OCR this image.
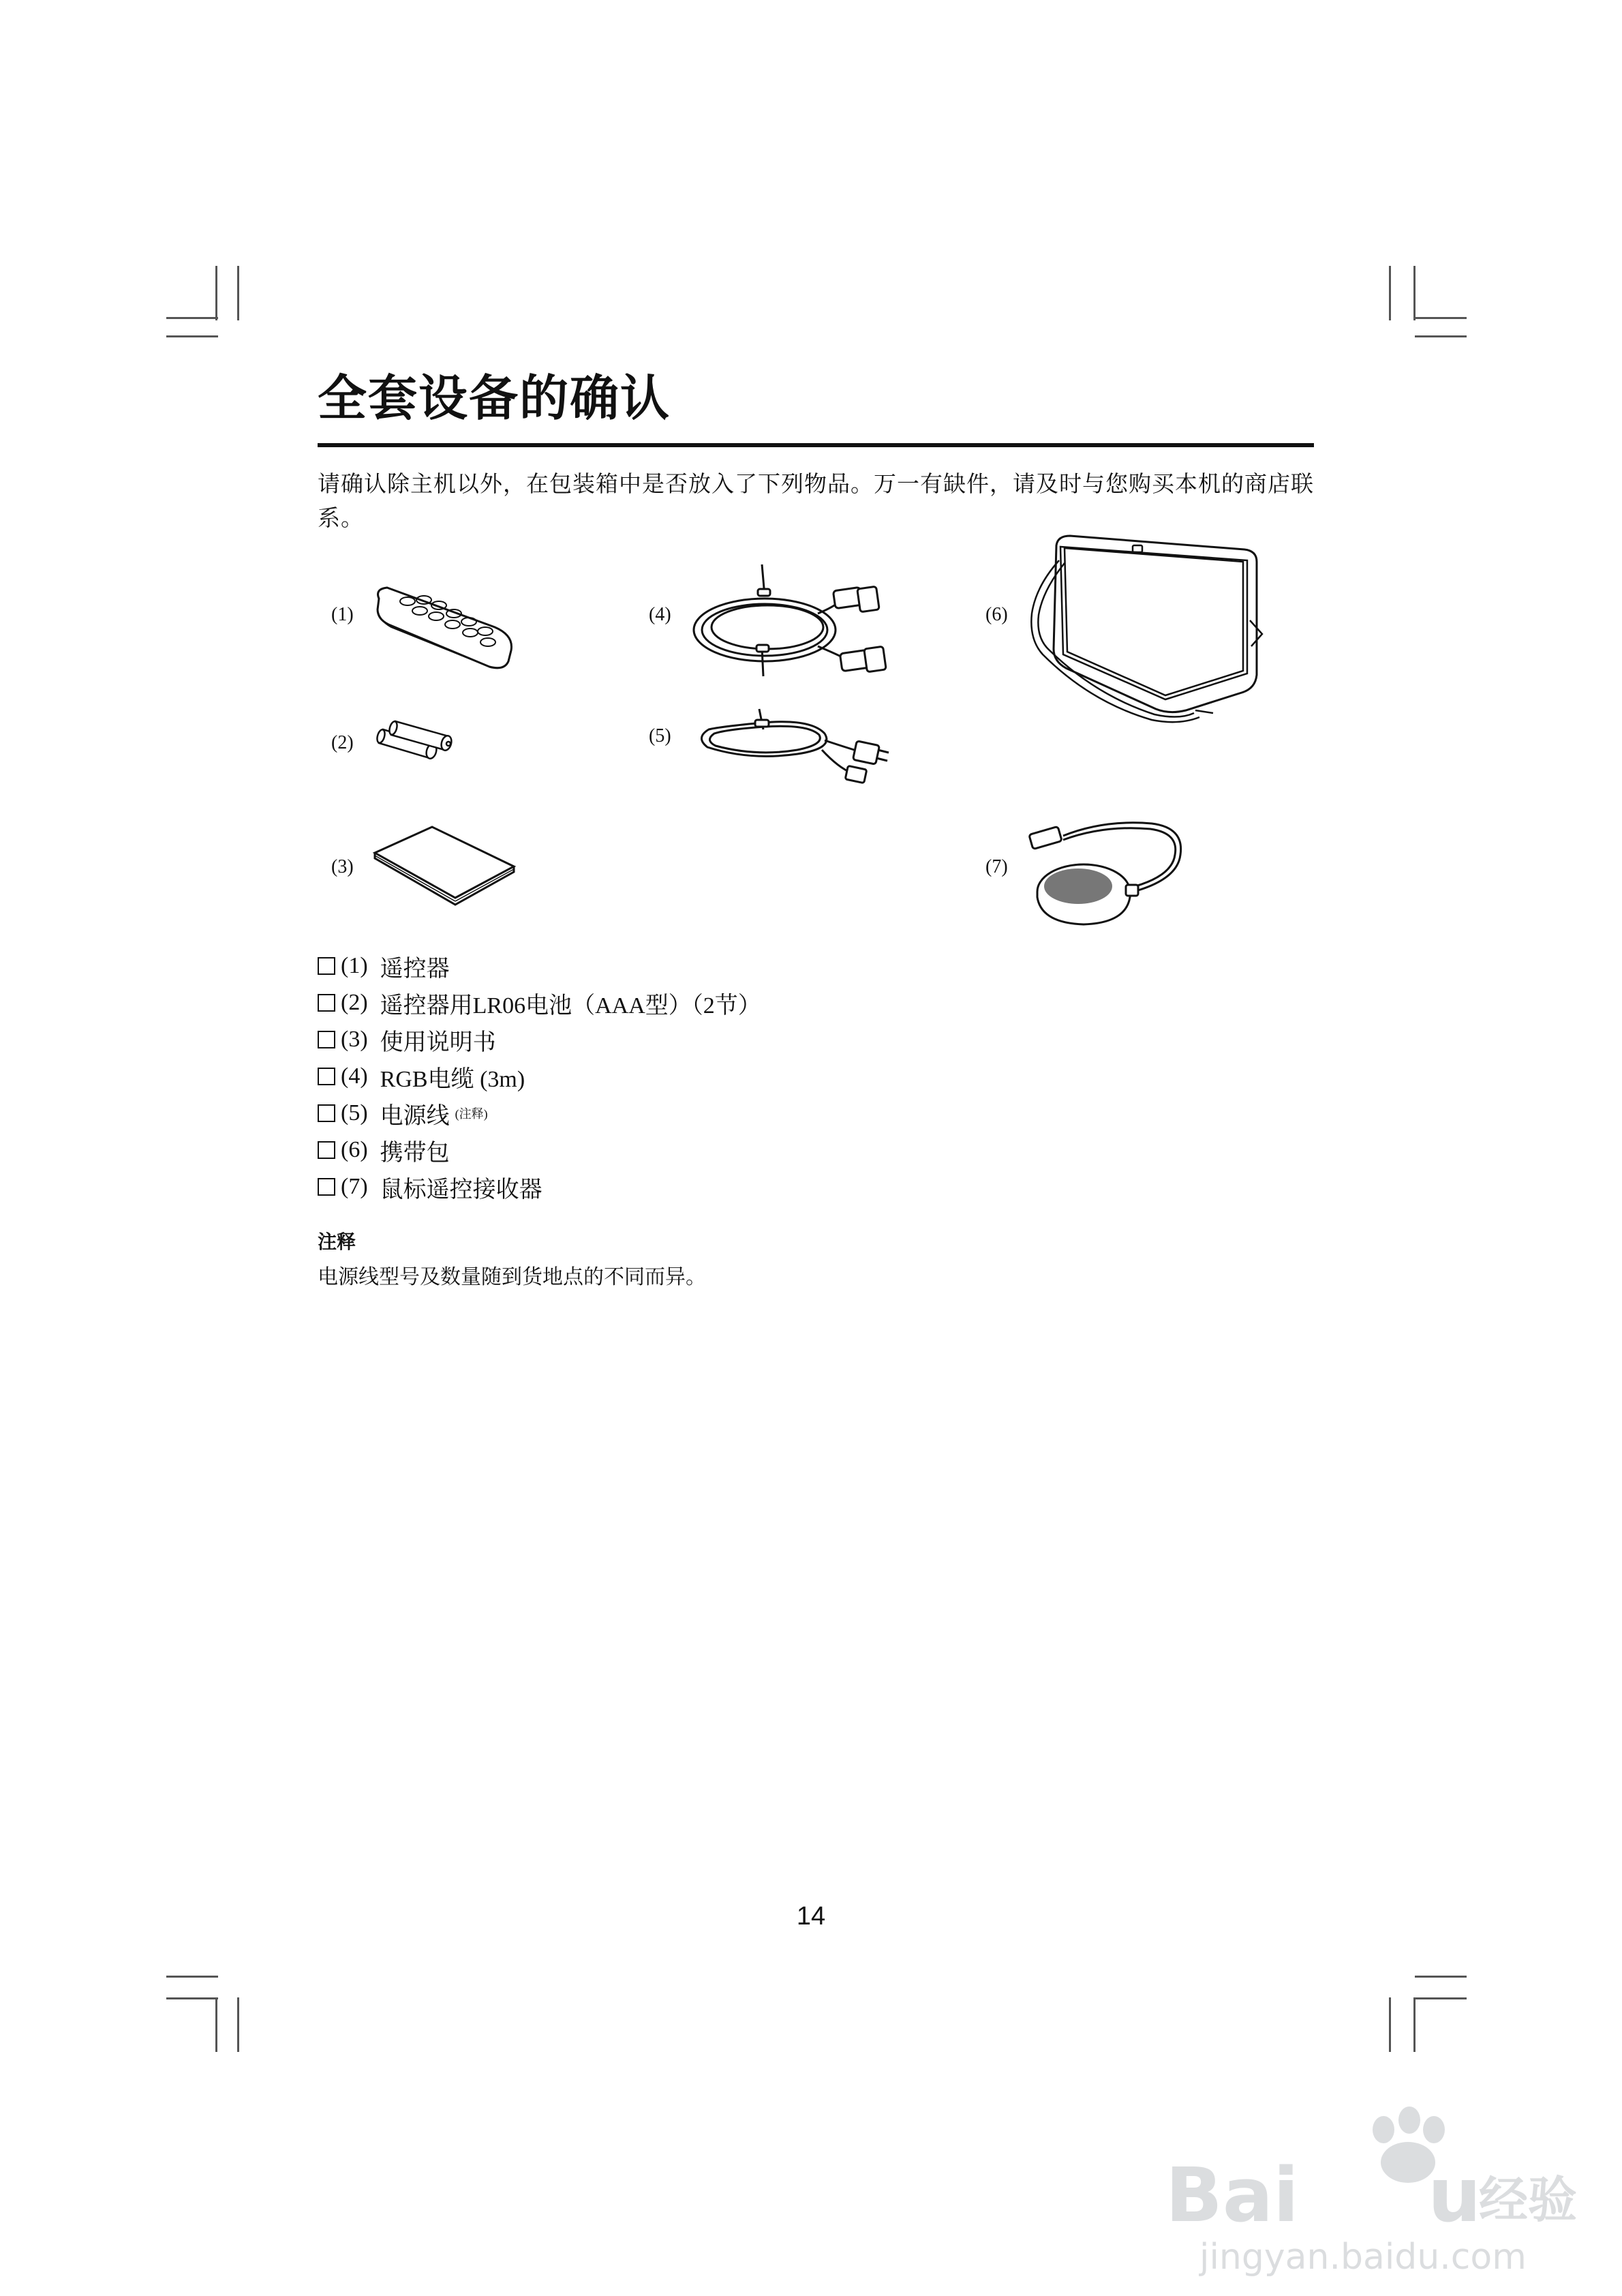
全套设备的确认

请确认除主机以外，在包装箱中是否放入了下列物品。万一有缺件，请及时与您购买本机的商店联系。

(1)
(2)
(3)
(4)
(5)
(6)
(7)
(1) 遥控器
(2) 遥控器用LR06电池（AAA型）（2节）
(3) 使用说明书
(4) RGB电缆 (3m)
(5) 电源线 (注释)
(6) 携带包
(7) 鼠标遥控接收器
注释

电源线型号及数量随到货地点的不同而异。

14
Bai u
经验
jingyan.baidu.com
